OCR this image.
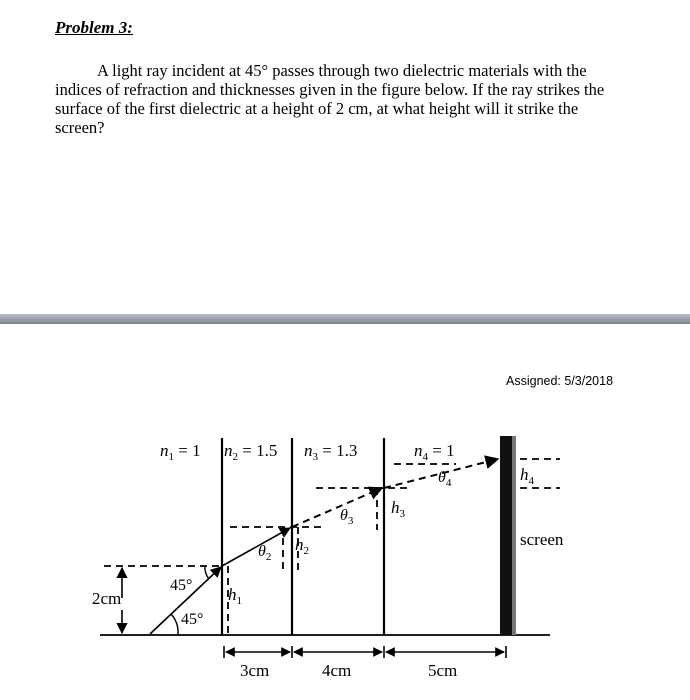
Problem 3:
A light ray incident at 45° passes through two dielectric materials with the indices of refraction and thicknesses given in the figure below. If the ray strikes the surface of the first dielectric at a height of 2 cm, at what height will it strike the screen?
Assigned: 5/3/2018
$n_1 = 1$ $n_2 = 1.5$ $n_3 = 1.3$	$n_4 = 1$
$h_1$
$h_2$
$h_3$
$h_4$
$\theta_2$
$\theta_3$
$\theta_4$
45°
45°
2cm
screen
3cm	4cm	5cm
